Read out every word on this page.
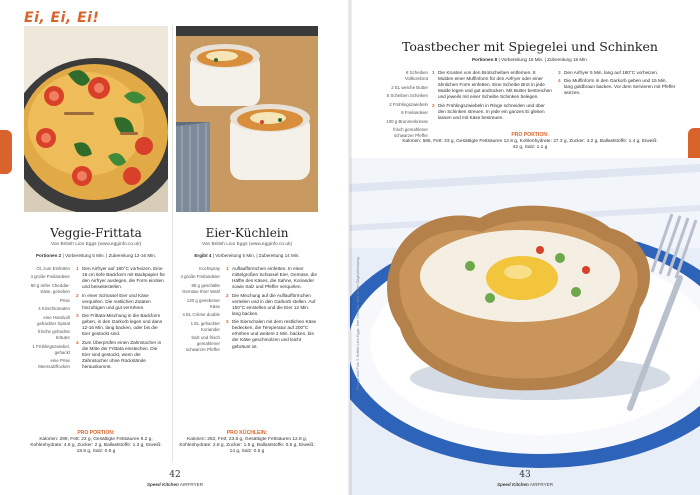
Ei, Ei, Ei!
Veggie-Frittata
Von British Lion Eggs (www.egginfo.co.uk)
Portionen 2 | Vorbereitung 5 Min. | Zubereitung 12-16 Min.
Öl, zum Einfetten
4 große Freilandeier
50 g reifer Cheddar-Käse, gerieben
Prise
4 Kirschtomaten
eine Handvoll gehackter Spinat
frische gehackte Kräuter
1 Frühlingszwiebel, gehackt
eine Prise Meersalzflocken
1 Den Airfryer auf 180°C vorheizen. Eine 18 cm tiefe Backform mit Backpapier für den Airfryer auslegen, die Form einölen und beiseitestellen.
2 In einer Schüssel Eier und Käse verquirlen. Die restlichen Zutaten hinzufügen und gut verrühren.
3 Die Frittata-Mischung in die Backform geben, in den Garkorb legen und dann 12-16 Min. lang backen, oder bis die Eier gestockt sind.
4 Zum Überprüfen einen Zahnstocher in die Mitte der Frittata einstechen. Die Eier sind gestockt, wenn der Zahnstocher ohne Rückstände herauskommt.
PRO PORTION:
Kalorien: 299, Fett: 23 g, Gesättigte Fettsäuren 8.2 g, Kohlenhydrate: 4.6 g, Zucker: 2 g, Ballaststoffe: 1.3 g, Eiweiß: 18.5 g, Salz: 0.5 g
Eier-Küchlein
Von British Lion Eggs (www.egginfo.co.uk)
Ergibt 4 | Vorbereitung 5 Min. | Zubereitung 14 Min.
Kochspray
4 große Freilandeier
80 g geschälte Gemüse Ihrer Wahl
120 g geriebener Käse
4 EL Crème double
1 EL gehackter Koriander
Salz und frisch gemahlener schwarzer Pfeffer
1 Auflaufförmchen einfetten. In einer mittelgroßen Schüssel Eier, Gemüse, die Hälfte des Käses, die Sahne, Koriander sowie Salz und Pfeffer verquirlen.
2 Die Mischung auf die Auflaufförmchen verteilen und in den Garkorb stellen. Auf 150°C einstellen und die Eier 12 Min. lang backen.
3 Die Eierschalen mit dem restlichen Käse bedecken, die Temperatur auf 200°C erhöhen und weitere 2 Min. backen, bis der Käse geschmolzen und leicht gebräunt ist.
PRO KÜCHLEIN:
Kalorien: 282, Fett: 23.8 g, Gesättigte Fettsäuren 12.8 g, Kohlenhydrate: 2.8 g, Zucker: 1.5 g, Ballaststoffe: 0.5 g, Eiweiß: 14 g, Salz: 0.5 g
42
Speed Kitchen AIRFRYER
Toastbecher mit Spiegelei und Schinken
Portionen 8 | Vorbereitung 15 Min. | Zubereitung 15 Min.
8 Scheiben Vollkornbrot
2 EL weiche Butter
5 Scheiben Schinken
2 Frühlingszwiebeln
8 Freilandeier
100 g Brunnenkresse
frisch gemahlener schwarzer Pfeffer
1 Die Krusten von den Brotscheiben entfernen. 8 Mulden einer Muffinform für den Airfryer oder einer ähnlichen Form einfetten. Eine Scheibe Brot in jede Mulde legen und gut andrücken. Mit Butter bestreichen und jeweils mit einer Scheibe Schinken belegen.
2 Die Frühlingszwiebeln in Ringe schneiden und über den Schinken streuen. In jede ein ganzes Ei gleiten lassen und mit Käse bestreuen.
3 Den Airfryer 5 Min. lang auf 180°C vorheizen.
4 Die Muffinform in den Garkorb geben und 15 Min. lang goldbraun backen. Vor dem Servieren mit Pfeffer würzen.
PRO PORTION:
Kalorien: 586, Fett: 33 g, Gesättigte Fettsäuren 12.8 g, Kohlenhydrate: 27.3 g, Zucker: 4.2 g, Ballaststoffe: 1.4 g, Eiweiß: 42 g, Salz: 1.1 g
Rezept und Foto © British Lion Eggs. Ihre Gerichte nicht in der Originalfassung
43
Speed Kitchen AIRFRYER
